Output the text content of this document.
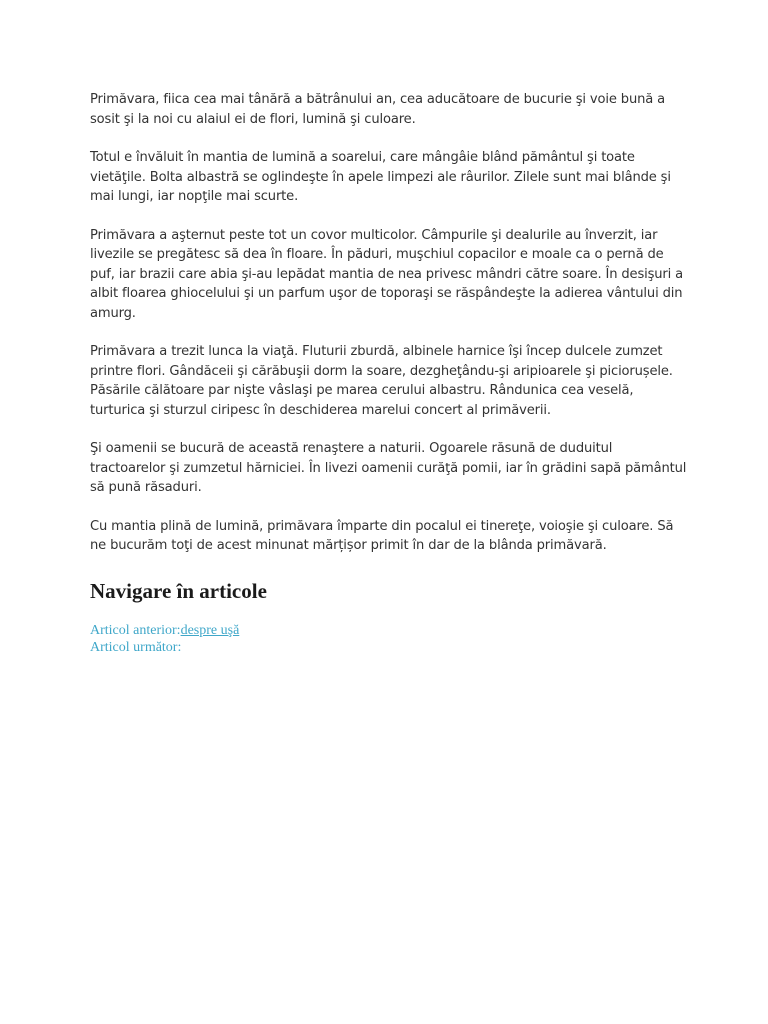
Primăvara, fiica cea mai tânără a bătrânului an, cea aducătoare de bucurie şi voie bună a sosit şi la noi cu alaiul ei de flori, lumină şi culoare.

Totul e învăluit în mantia de lumină a soarelui, care mângâie blând pământul şi toate vietăţile. Bolta albastră se oglindeşte în apele limpezi ale râurilor. Zilele sunt mai blânde şi mai lungi, iar nopţile mai scurte.

Primăvara a aşternut peste tot un covor multicolor. Câmpurile şi dealurile au înverzit, iar livezile se pregătesc să dea în floare. În păduri, muşchiul copacilor e moale ca o pernă de puf, iar brazii care abia şi-au lepădat mantia de nea privesc mândri către soare. În desişuri a albit floarea ghiocelului şi un parfum uşor de toporaşi se răspândeşte la adierea vântului din amurg.

Primăvara a trezit lunca la viaţă. Fluturii zburdă, albinele harnice îşi încep dulcele zumzet printre flori. Gândăceii şi cărăbuşii dorm la soare, dezgheţându-şi aripioarele şi piciorușele. Păsările călătoare par nişte vâslaşi pe marea cerului albastru. Rândunica cea veselă, turturica şi sturzul ciripesc în deschiderea marelui concert al primăverii.

Şi oamenii se bucură de această renaştere a naturii. Ogoarele răsună de duduitul tractoarelor şi zumzetul hărniciei. În livezi oamenii curăţă pomii, iar în grădini sapă pământul să pună răsaduri.

Cu mantia plină de lumină, primăvara împarte din pocalul ei tinereţe, voioşie şi culoare. Să ne bucurăm toţi de acest minunat mărțișor primit în dar de la blânda primăvară.

Navigare în articole

Articol anterior:despre uşă

Articol următor:
